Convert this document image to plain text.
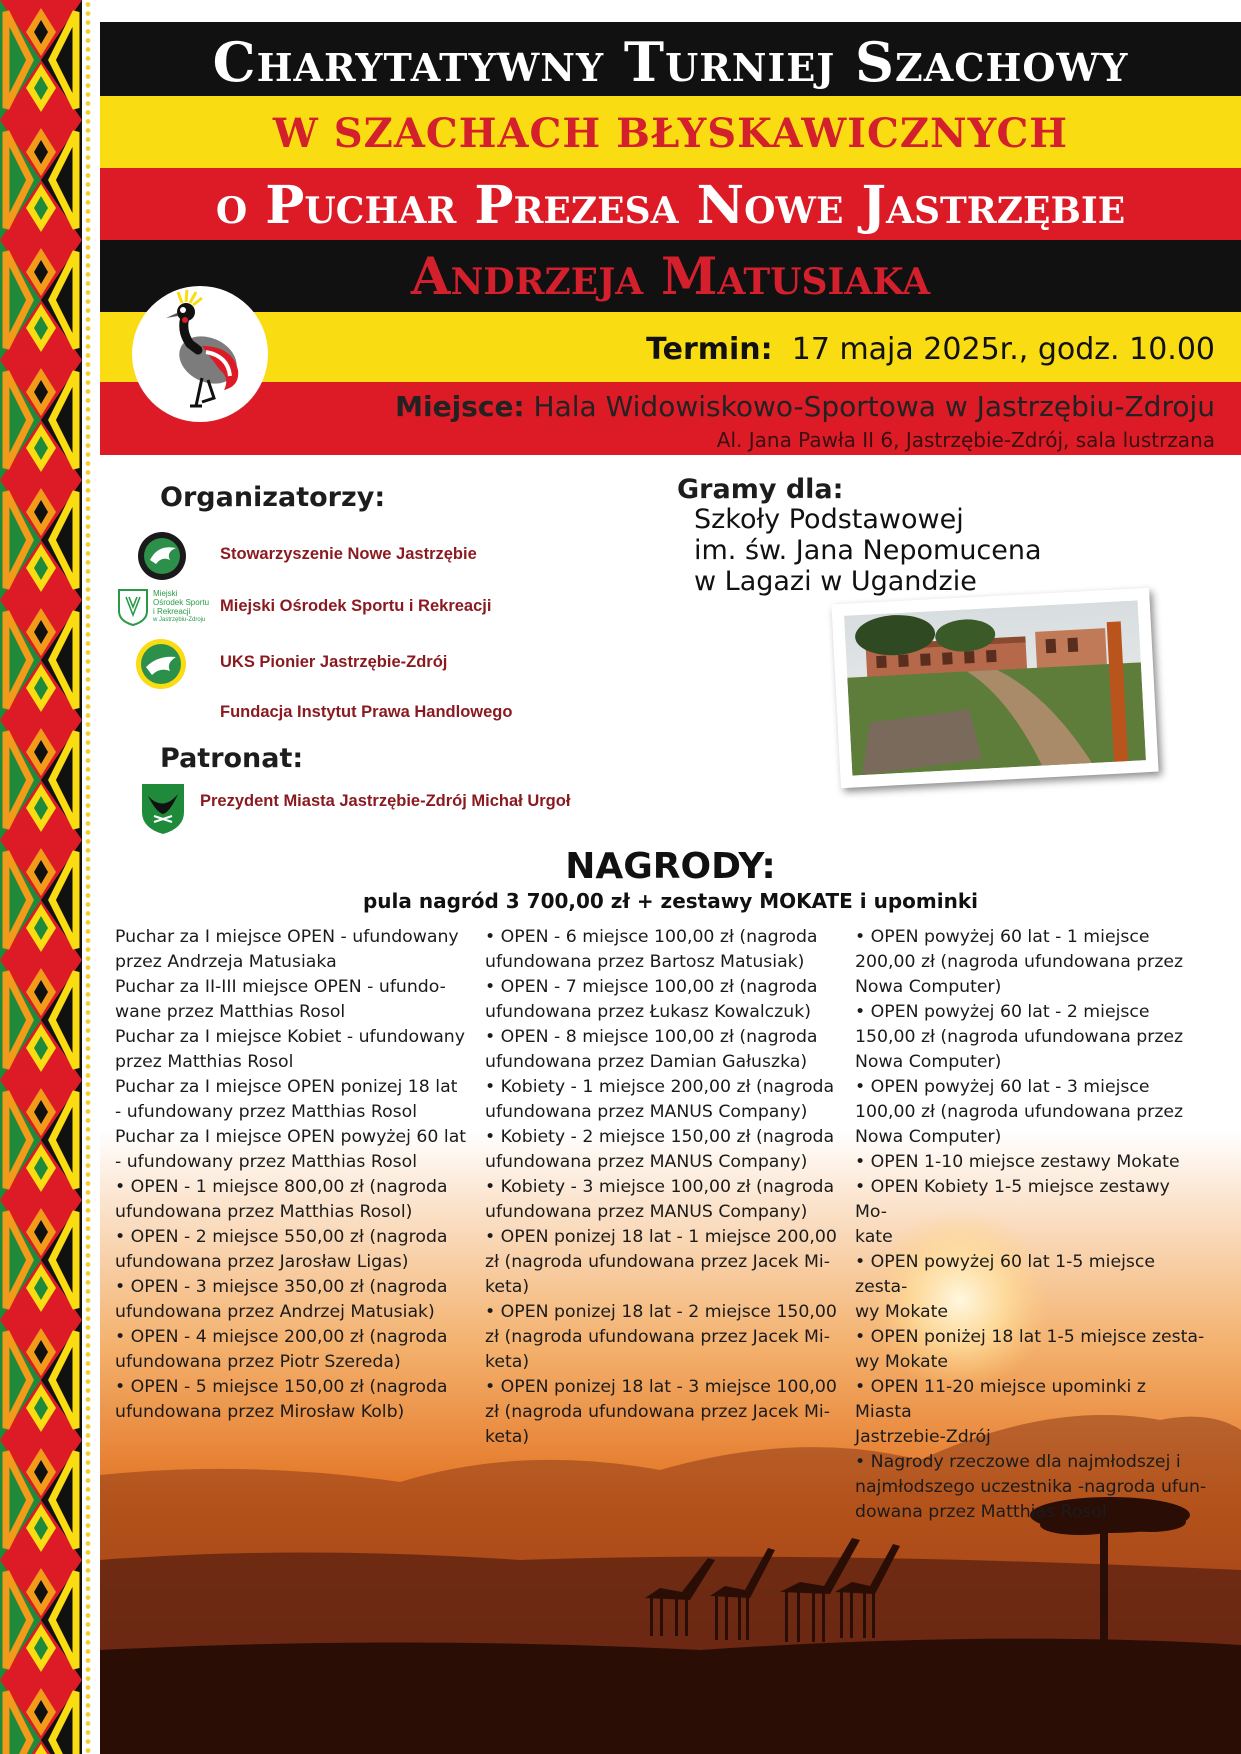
Charytatywny Turniej Szachowy
W SZACHACH BŁYSKAWICZNYCH
o Puchar Prezesa Nowe Jastrzębie
Andrzeja Matusiaka
Termin: 17 maja 2025r., godz. 10.00
Miejsce: Hala Widowiskowo-Sportowa w Jastrzębiu-Zdroju
Al. Jana Pawła II 6, Jastrzębie-Zdrój, sala lustrzana
Organizatorzy:
Stowarzyszenie Nowe Jastrzębie
Miejski
Ośrodek Sportu
i Rekreacji
w Jastrzębiu-Zdroju
Miejski Ośrodek Sportu i Rekreacji
UKS Pionier Jastrzębie-Zdrój
Fundacja Instytut Prawa Handlowego
Patronat:
Prezydent Miasta Jastrzębie-Zdrój Michał Urgoł
Gramy dla:
Szkoły Podstawowej
im. św. Jana Nepomucena
w Lagazi w Ugandzie
NAGRODY:
pula nagród 3 700,00 zł + zestawy MOKATE i upominki

Puchar za I miejsce OPEN - ufundowany
przez Andrzeja Matusiaka

Puchar za II-III miejsce OPEN - ufundo-
wane przez Matthias Rosol

Puchar za I miejsce Kobiet - ufundowany
przez Matthias Rosol

Puchar za I miejsce OPEN ponizej 18 lat
- ufundowany przez Matthias Rosol

Puchar za I miejsce OPEN powyżej 60 lat
- ufundowany przez Matthias Rosol

• OPEN - 1 miejsce 800,00 zł (nagroda
ufundowana przez Matthias Rosol)

• OPEN - 2 miejsce 550,00 zł (nagroda
ufundowana przez Jarosław Ligas)

• OPEN - 3 miejsce 350,00 zł (nagroda
ufundowana przez Andrzej Matusiak)

• OPEN - 4 miejsce 200,00 zł (nagroda
ufundowana przez Piotr Szereda)

• OPEN - 5 miejsce 150,00 zł (nagroda
ufundowana przez Mirosław Kolb)

• OPEN - 6 miejsce 100,00 zł (nagroda
ufundowana przez Bartosz Matusiak)

• OPEN - 7 miejsce 100,00 zł (nagroda
ufundowana przez Łukasz Kowalczuk)

• OPEN - 8 miejsce 100,00 zł (nagroda
ufundowana przez Damian Gałuszka)

• Kobiety - 1 miejsce 200,00 zł (nagroda
ufundowana przez MANUS Company)

• Kobiety - 2 miejsce 150,00 zł (nagroda
ufundowana przez MANUS Company)

• Kobiety - 3 miejsce 100,00 zł (nagroda
ufundowana przez MANUS Company)

• OPEN ponizej 18 lat - 1 miejsce 200,00
zł (nagroda ufundowana przez Jacek Mi-
keta)

• OPEN ponizej 18 lat - 2 miejsce 150,00
zł (nagroda ufundowana przez Jacek Mi-
keta)

• OPEN ponizej 18 lat - 3 miejsce 100,00
zł (nagroda ufundowana przez Jacek Mi-
keta)

• OPEN powyżej 60 lat - 1 miejsce
200,00 zł (nagroda ufundowana przez
Nowa Computer)

• OPEN powyżej 60 lat - 2 miejsce
150,00 zł (nagroda ufundowana przez
Nowa Computer)

• OPEN powyżej 60 lat - 3 miejsce
100,00 zł (nagroda ufundowana przez
Nowa Computer)

• OPEN 1-10 miejsce zestawy Mokate

• OPEN Kobiety 1-5 miejsce zestawy Mo-
kate

• OPEN powyżej 60 lat 1-5 miejsce zesta-
wy Mokate

• OPEN poniżej 18 lat 1-5 miejsce zesta-
wy Mokate

• OPEN 11-20 miejsce upominki z Miasta
Jastrzebie-Zdrój

• Nagrody rzeczowe dla najmłodszej i
najmłodszego uczestnika -nagroda ufun-
dowana przez Matthias Rosol
